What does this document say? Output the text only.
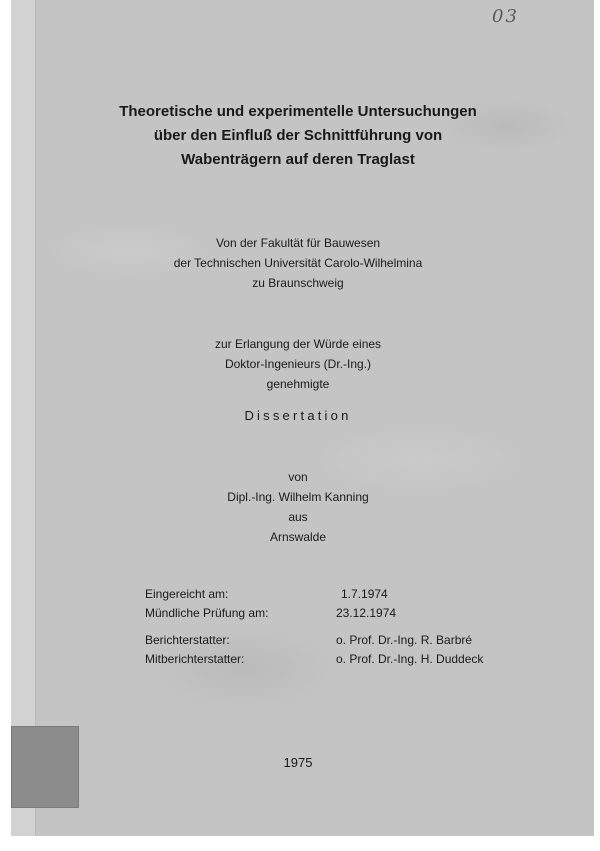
03
Theoretische und experimentelle Untersuchungen
über den Einfluß der Schnittführung von
Wabenträgern auf deren Traglast
Von der Fakultät für Bauwesen
der Technischen Universität Carolo-Wilhelmina
zu Braunschweig
zur Erlangung der Würde eines
Doktor-Ingenieurs (Dr.-Ing.)
genehmigte
Dissertation
von
Dipl.-Ing. Wilhelm Kanning
aus
Arnswalde
Eingereicht am:	1.7.1974
Mündliche Prüfung am:	23.12.1974
Berichterstatter:	o. Prof. Dr.-Ing. R. Barbré
Mitberichterstatter:	o. Prof. Dr.-Ing. H. Duddeck
1975
